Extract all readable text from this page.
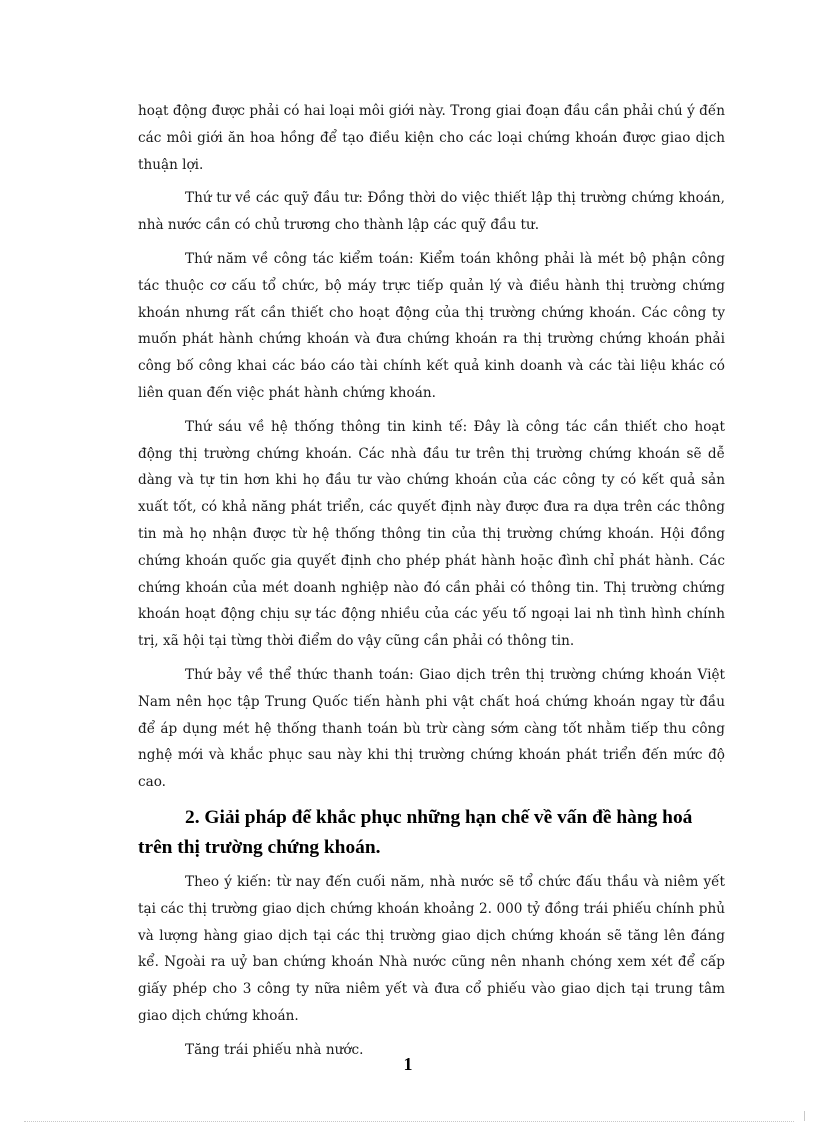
hoạt động được phải có hai loại môi giới này. Trong giai đoạn đầu cần phải chú ý đến các môi giới ăn hoa hồng để tạo điều kiện cho các loại chứng khoán được giao dịch thuận lợi.

Thứ tư về các quỹ đầu tư: Đồng thời do việc thiết lập thị trường chứng khoán, nhà nước cần có chủ trương cho thành lập các quỹ đầu tư.

Thứ năm về công tác kiểm toán: Kiểm toán không phải là mét bộ phận công tác thuộc cơ cấu tổ chức, bộ máy trực tiếp quản lý và điều hành thị trường chứng khoán nhưng rất cần thiết cho hoạt động của thị trường chứng khoán. Các công ty muốn phát hành chứng khoán và đưa chứng khoán ra thị trường chứng khoán phải công bố công khai các báo cáo tài chính kết quả kinh doanh và các tài liệu khác có liên quan đến việc phát hành chứng khoán.

Thứ sáu về hệ thống thông tin kinh tế: Đây là công tác cần thiết cho hoạt động thị trường chứng khoán. Các nhà đầu tư trên thị trường chứng khoán sẽ dễ dàng và tự tin hơn khi họ đầu tư vào chứng khoán của các công ty có kết quả sản xuất tốt, có khả năng phát triển, các quyết định này được đưa ra dựa trên các thông tin mà họ nhận được từ hệ thống thông tin của thị trường chứng khoán. Hội đồng chứng khoán quốc gia quyết định cho phép phát hành hoặc đình chỉ phát hành. Các chứng khoán của mét doanh nghiệp nào đó cần phải có thông tin. Thị trường chứng khoán hoạt động chịu sự tác động nhiều của các yếu tố ngoại lai nh tình hình chính trị, xã hội tại từng thời điểm do vậy cũng cần phải có thông tin.

Thứ bảy về thể thức thanh toán: Giao dịch trên thị trường chứng khoán Việt Nam nên học tập Trung Quốc tiến hành phi vật chất hoá chứng khoán ngay từ đầu để áp dụng mét hệ thống thanh toán bù trừ càng sớm càng tốt nhằm tiếp thu công nghệ mới và khắc phục sau này khi thị trường chứng khoán phát triển đến mức độ cao.

2. Giải pháp để khắc phục những hạn chế về vấn đề hàng hoá trên thị trường chứng khoán.

Theo ý kiến: từ nay đến cuối năm, nhà nước sẽ tổ chức đấu thầu và niêm yết tại các thị trường giao dịch chứng khoán khoảng 2. 000 tỷ đồng trái phiếu chính phủ và lượng hàng giao dịch tại các thị trường giao dịch chứng khoán sẽ tăng lên đáng kể. Ngoài ra uỷ ban chứng khoán Nhà nước cũng nên nhanh chóng xem xét để cấp giấy phép cho 3 công ty nữa niêm yết và đưa cổ phiếu vào giao dịch tại trung tâm giao dịch chứng khoán.

Tăng trái phiếu nhà nước.

1
